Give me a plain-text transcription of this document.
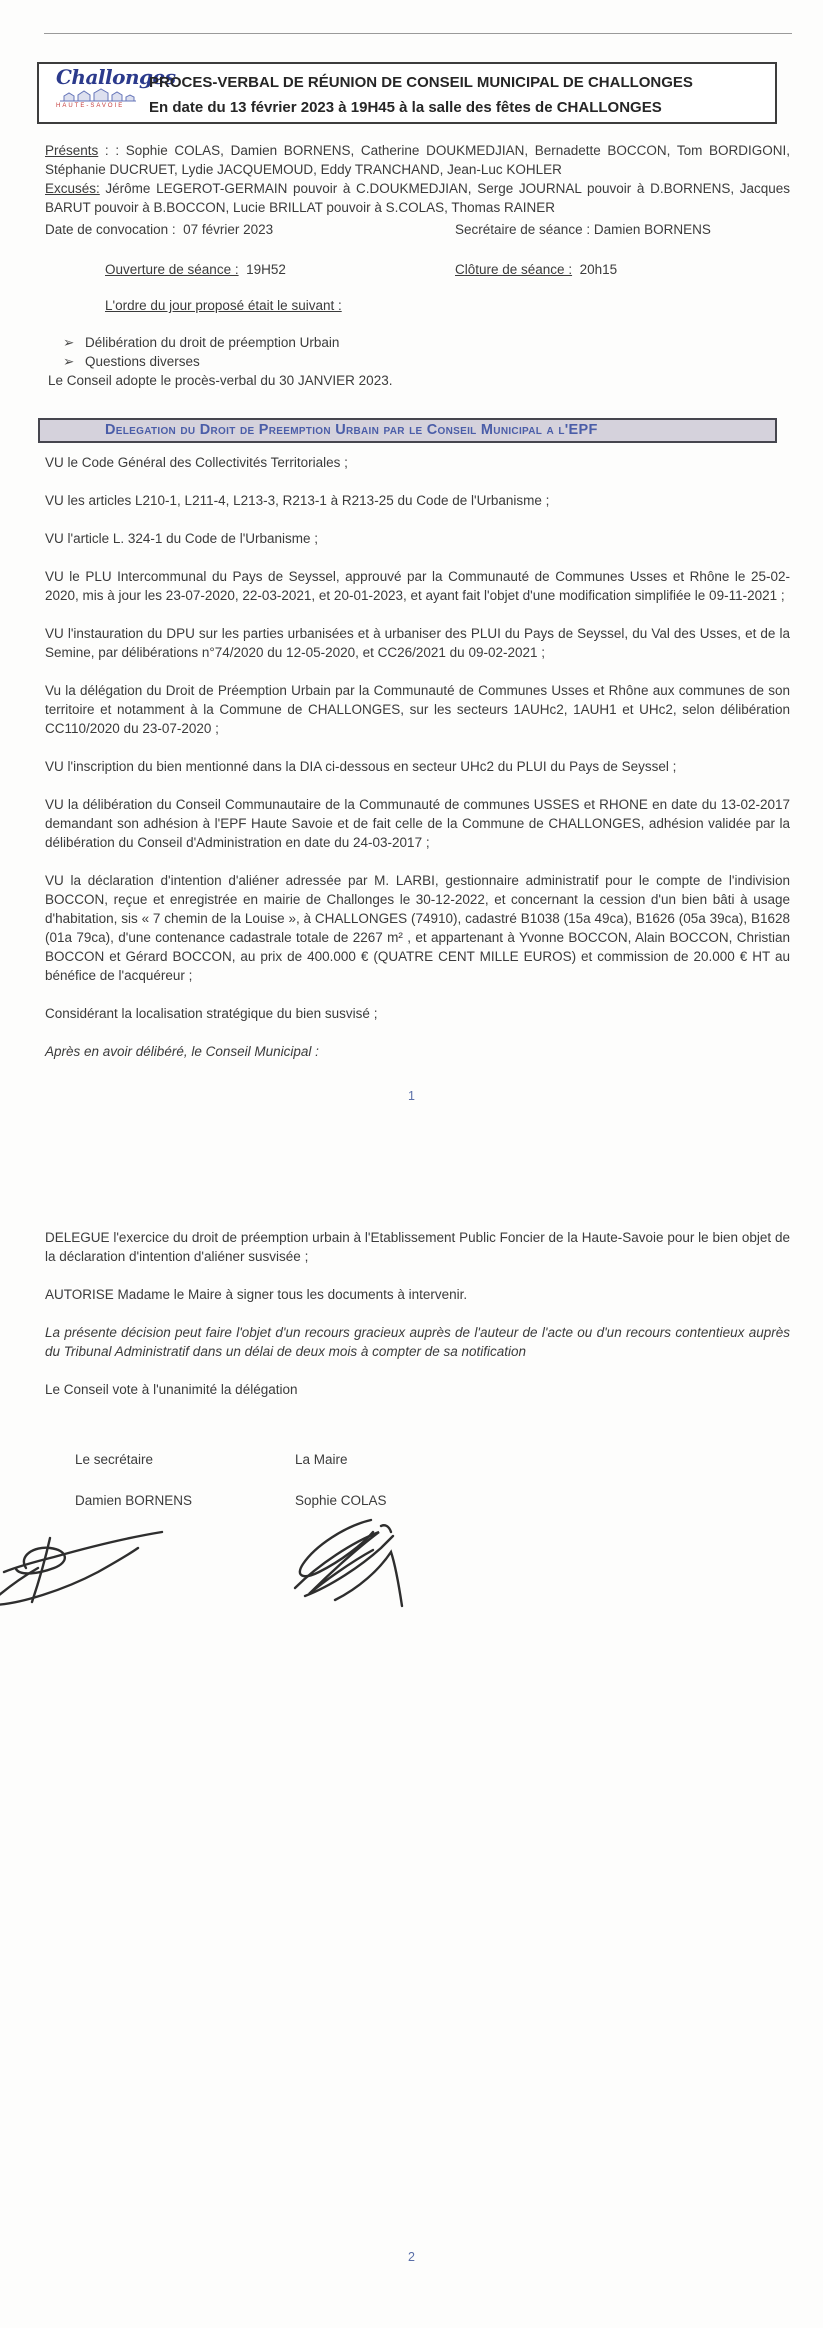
Challonges
HAUTE-SAVOIE
PROCES-VERBAL DE RÉUNION DE CONSEIL MUNICIPAL DE CHALLONGES
En date du 13 février 2023 à 19H45 à la salle des fêtes de CHALLONGES

Présents : : Sophie COLAS, Damien BORNENS, Catherine DOUKMEDJIAN, Bernadette BOCCON, Tom BORDIGONI, Stéphanie DUCRUET, Lydie JACQUEMOUD, Eddy TRANCHAND, Jean-Luc KOHLER

Excusés: Jérôme LEGEROT-GERMAIN pouvoir à C.DOUKMEDJIAN, Serge JOURNAL pouvoir à D.BORNENS, Jacques BARUT pouvoir à B.BOCCON, Lucie BRILLAT pouvoir à S.COLAS, Thomas RAINER

Date de convocation : 07 février 2023	Secrétaire de séance : Damien BORNENS
Ouverture de séance : 19H52	Clôture de séance : 20h15
L'ordre du jour proposé était le suivant :
➢ Délibération du droit de préemption Urbain
➢ Questions diverses

Le Conseil adopte le procès-verbal du 30 JANVIER 2023.

Delegation du Droit de Preemption Urbain par le Conseil Municipal a l'EPF

VU le Code Général des Collectivités Territoriales ;

VU les articles L210-1, L211-4, L213-3, R213-1 à R213-25 du Code de l'Urbanisme ;

VU l'article L. 324-1 du Code de l'Urbanisme ;

VU le PLU Intercommunal du Pays de Seyssel, approuvé par la Communauté de Communes Usses et Rhône le 25-02-2020, mis à jour les 23-07-2020, 22-03-2021, et 20-01-2023, et ayant fait l'objet d'une modification simplifiée le 09-11-2021 ;

VU l'instauration du DPU sur les parties urbanisées et à urbaniser des PLUI du Pays de Seyssel, du Val des Usses, et de la Semine, par délibérations n°74/2020 du 12-05-2020, et CC26/2021 du 09-02-2021 ;

Vu la délégation du Droit de Préemption Urbain par la Communauté de Communes Usses et Rhône aux communes de son territoire et notamment à la Commune de CHALLONGES, sur les secteurs 1AUHc2, 1AUH1 et UHc2, selon délibération CC110/2020 du 23-07-2020 ;

VU l'inscription du bien mentionné dans la DIA ci-dessous en secteur UHc2 du PLUI du Pays de Seyssel ;

VU la délibération du Conseil Communautaire de la Communauté de communes USSES et RHONE en date du 13-02-2017 demandant son adhésion à l'EPF Haute Savoie et de fait celle de la Commune de CHALLONGES, adhésion validée par la délibération du Conseil d'Administration en date du 24-03-2017 ;

VU la déclaration d'intention d'aliéner adressée par M. LARBI, gestionnaire administratif pour le compte de l'indivision BOCCON, reçue et enregistrée en mairie de Challonges le 30-12-2022, et concernant la cession d'un bien bâti à usage d'habitation, sis « 7 chemin de la Louise », à CHALLONGES (74910), cadastré B1038 (15a 49ca), B1626 (05a 39ca), B1628 (01a 79ca), d'une contenance cadastrale totale de 2267 m² , et appartenant à Yvonne BOCCON, Alain BOCCON, Christian BOCCON et Gérard BOCCON, au prix de 400.000 € (QUATRE CENT MILLE EUROS) et commission de 20.000 € HT au bénéfice de l'acquéreur ;

Considérant la localisation stratégique du bien susvisé ;

Après en avoir délibéré, le Conseil Municipal :

1

DELEGUE l'exercice du droit de préemption urbain à l'Etablissement Public Foncier de la Haute-Savoie pour le bien objet de la déclaration d'intention d'aliéner susvisée ;

AUTORISE Madame le Maire à signer tous les documents à intervenir.

La présente décision peut faire l'objet d'un recours gracieux auprès de l'auteur de l'acte ou d'un recours contentieux auprès du Tribunal Administratif dans un délai de deux mois à compter de sa notification

Le Conseil vote à l'unanimité la délégation

Le secrétaire
Damien BORNENS
La Maire
Sophie COLAS
2
